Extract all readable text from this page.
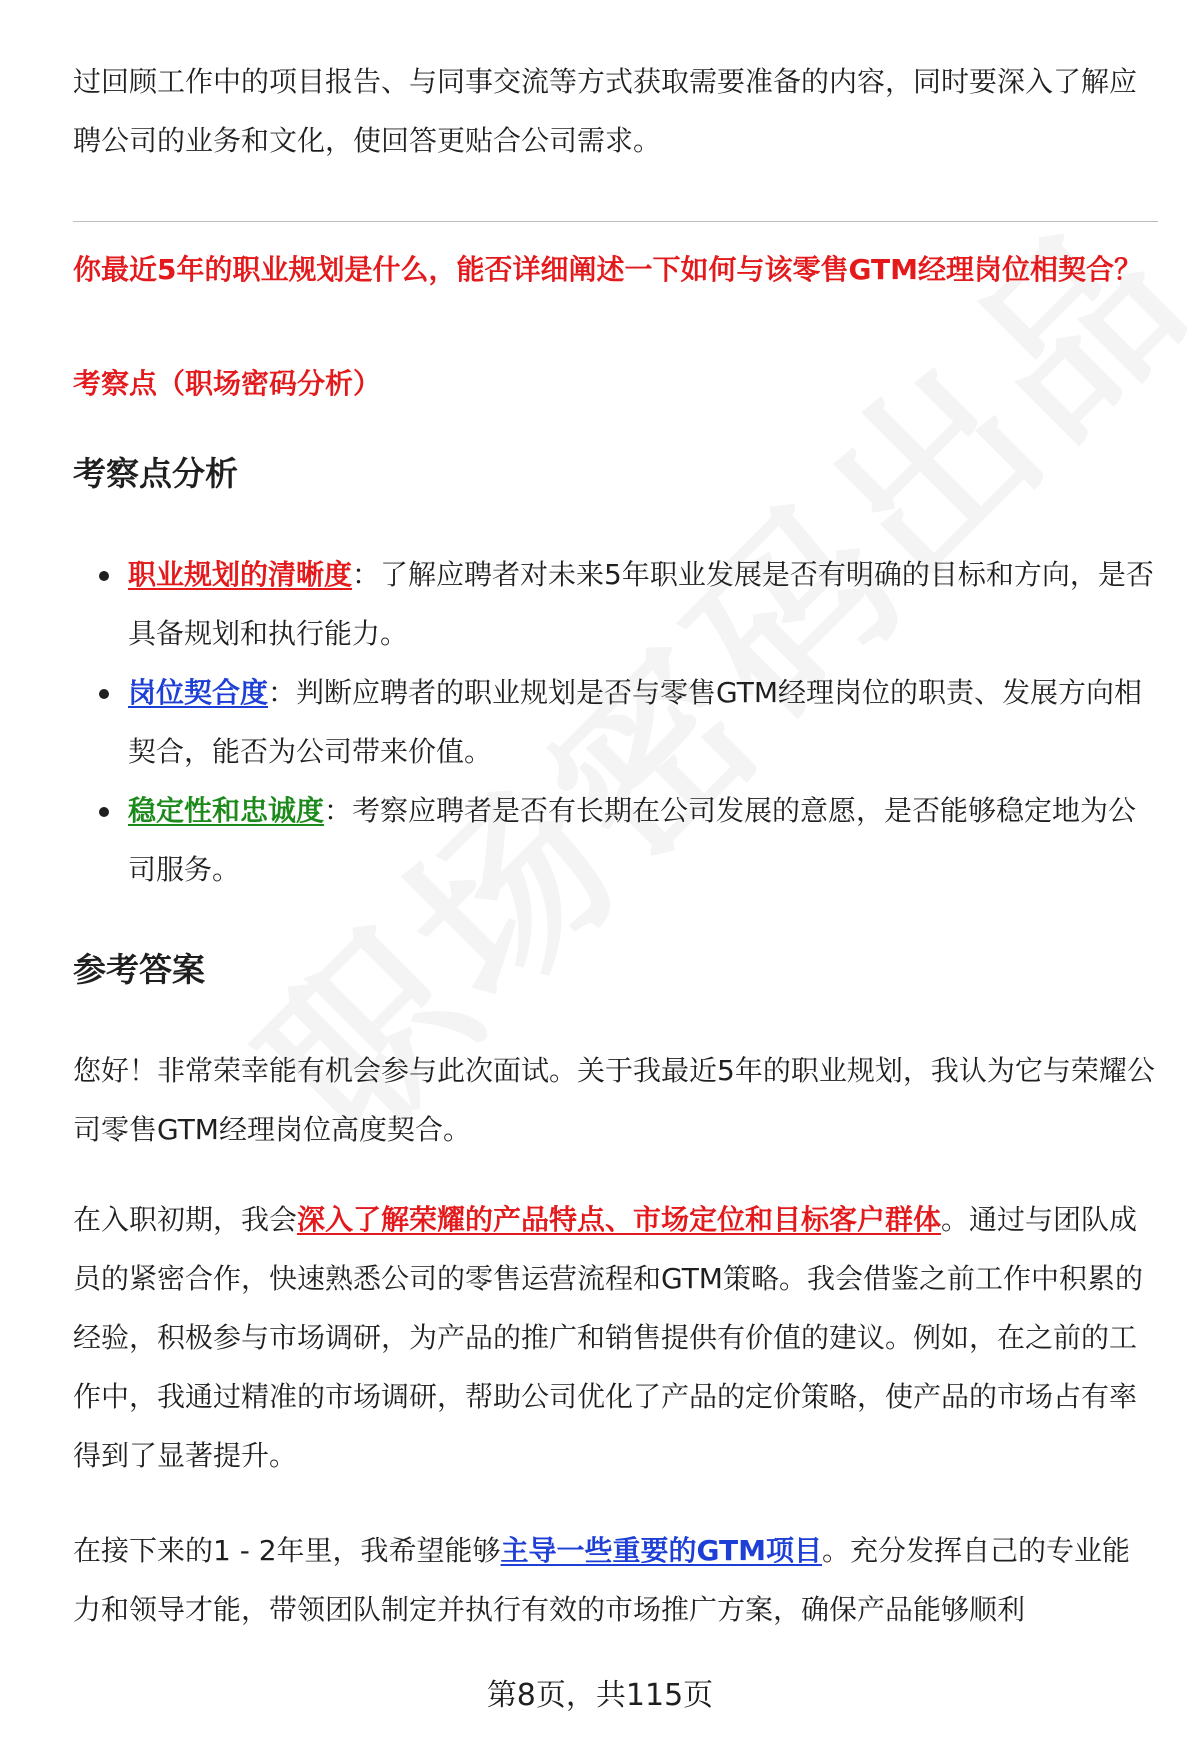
过回顾工作中的项目报告、与同事交流等方式获取需要准备的内容，同时要深入了解应聘公司的业务和文化，使回答更贴合公司需求。

你最近5年的职业规划是什么，能否详细阐述一下如何与该零售GTM经理岗位相契合？

考察点（职场密码分析）

考察点分析
职业规划的清晰度：了解应聘者对未来5年职业发展是否有明确的目标和方向，是否具备规划和执行能力。
岗位契合度：判断应聘者的职业规划是否与零售GTM经理岗位的职责、发展方向相契合，能否为公司带来价值。
稳定性和忠诚度：考察应聘者是否有长期在公司发展的意愿，是否能够稳定地为公司服务。
参考答案

您好！非常荣幸能有机会参与此次面试。关于我最近5年的职业规划，我认为它与荣耀公司零售GTM经理岗位高度契合。

在入职初期，我会深入了解荣耀的产品特点、市场定位和目标客户群体。通过与团队成员的紧密合作，快速熟悉公司的零售运营流程和GTM策略。我会借鉴之前工作中积累的经验，积极参与市场调研，为产品的推广和销售提供有价值的建议。例如，在之前的工作中，我通过精准的市场调研，帮助公司优化了产品的定价策略，使产品的市场占有率得到了显著提升。

在接下来的1 - 2年里，我希望能够主导一些重要的GTM项目。充分发挥自己的专业能力和领导才能，带领团队制定并执行有效的市场推广方案，确保产品能够顺利

第8页，共115页
